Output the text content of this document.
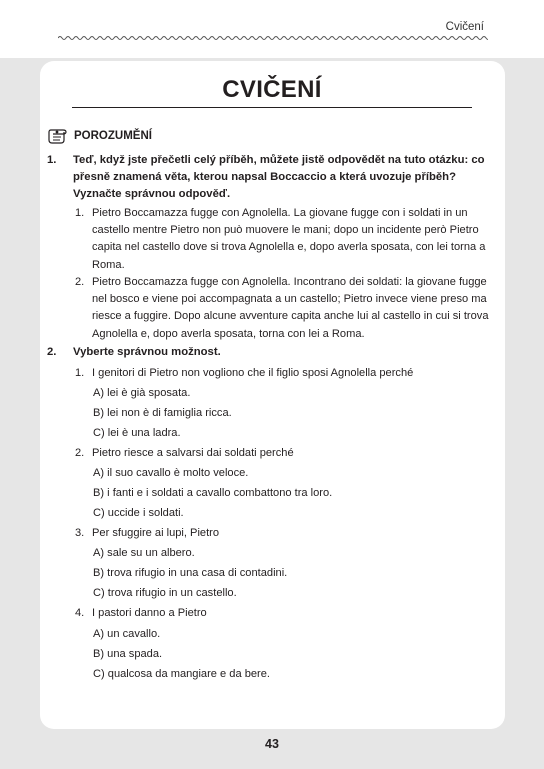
Cvičení
CVIČENÍ
POROZUMĚNÍ
1. Teď, když jste přečetli celý příběh, můžete jistě odpovědět na tuto otázku: co přesně znamená věta, kterou napsal Boccaccio a která uvozuje příběh? Vyznačte správnou odpověď.
1. Pietro Boccamazza fugge con Agnolella. La giovane fugge con i soldati in un castello mentre Pietro non può muovere le mani; dopo un incidente però Pietro capita nel castello dove si trova Agnolella e, dopo averla sposata, con lei torna a Roma.
2. Pietro Boccamazza fugge con Agnolella. Incontrano dei soldati: la giovane fugge nel bosco e viene poi accompagnata a un castello; Pietro invece viene preso ma riesce a fuggire. Dopo alcune avventure capita anche lui al castello in cui si trova Agnolella e, dopo averla sposata, torna con lei a Roma.
2. Vyberte správnou možnost.
1. I genitori di Pietro non vogliono che il figlio sposi Agnolella perché
A) lei è già sposata.
B) lei non è di famiglia ricca.
C) lei è una ladra.
2. Pietro riesce a salvarsi dai soldati perché
A) il suo cavallo è molto veloce.
B) i fanti e i soldati a cavallo combattono tra loro.
C) uccide i soldati.
3. Per sfuggire ai lupi, Pietro
A) sale su un albero.
B) trova rifugio in una casa di contadini.
C) trova rifugio in un castello.
4. I pastori danno a Pietro
A) un cavallo.
B) una spada.
C) qualcosa da mangiare e da bere.
43
